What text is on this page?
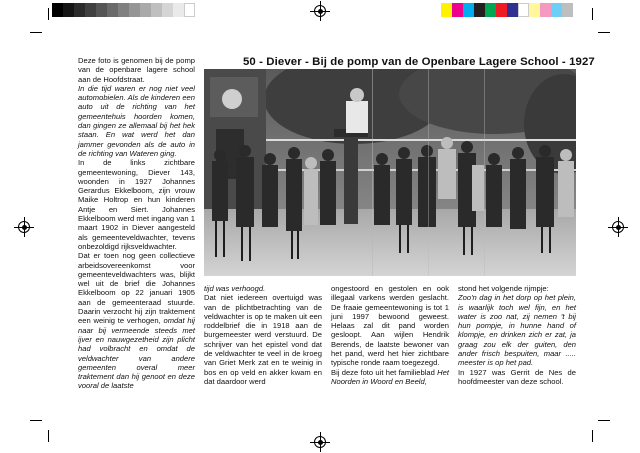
50 - Diever - Bij de pomp van de Openbare Lagere School - 1927

Deze foto is genomen bij de pomp van de openbare lagere school aan de Hoofdstraat.

In die tijd waren er nog niet veel automobielen. Als de kinderen een auto uit de richting van het gemeentehuis hoorden komen, dan gingen ze allemaal bij het hek staan. En wat werd het dan jammer gevonden als de auto in de richting van Wateren ging.

In de links zichtbare gemeentewoning, Diever 143, woonden in 1927 Johannes Gerardus Ekkelboom, zijn vrouw Maike Holtrop en hun kinderen Antje en Siert. Johannes Ekkelboom werd met ingang van 1 maart 1902 in Diever aangesteld als gemeenteveldwachter, tevens onbezoldigd rijksveldwachter.

Dat er toen nog geen collectieve arbeidsovereenkomst voor gemeenteveldwachters was, blijkt wel uit de brief die Johannes Ekkelboom op 22 januari 1905 aan de gemeenteraad stuurde. Daarin verzocht hij zijn traktement een weinig te verhogen, omdat hij naar bij vermeende steeds met ijver en nauwgezetheid zijn plicht had volbracht en omdat de veldwachter van andere gemeenten overal meer traktement dan hij genoot en deze vooral de laatste

tijd was verhoogd.

Dat niet iedereen overtuigd was van de plichtbetrachting van de veldwachter is op te maken uit een roddelbrief die in 1918 aan de burgemeester werd verstuurd. De schrijver van het epistel vond dat de veldwachter te veel in de kroeg van Griet Merk zat en te weinig in bos en op veld en akker kwam en dat daardoor werd

ongestoord en gestolen en ook illegaal varkens werden geslacht. De fraaie gemeentewoning is tot 1 juni 1997 bewoond geweest. Helaas zal dit pand worden gesloopt. Aan wijlen Hendrik Berends, de laatste bewoner van het pand, werd het hier zichtbare typische ronde raam toegezegd.

Bij deze foto uit het familieblad Het Noorden in Woord en Beeld,

stond het volgende rijmpje:

Zoo'n dag in het dorp op het plein, is waarlijk toch wel fijn, en het water is zoo nat, zij nemen 't bij hun pompje, in hunne hand of klompje, en drinken zich er zat, ja graag zou elk der guiten, den ander frisch bespuiten, maar ..... meester is op het pad.

In 1927 was Gerrit de Nes de hoofdmeester van deze school.
